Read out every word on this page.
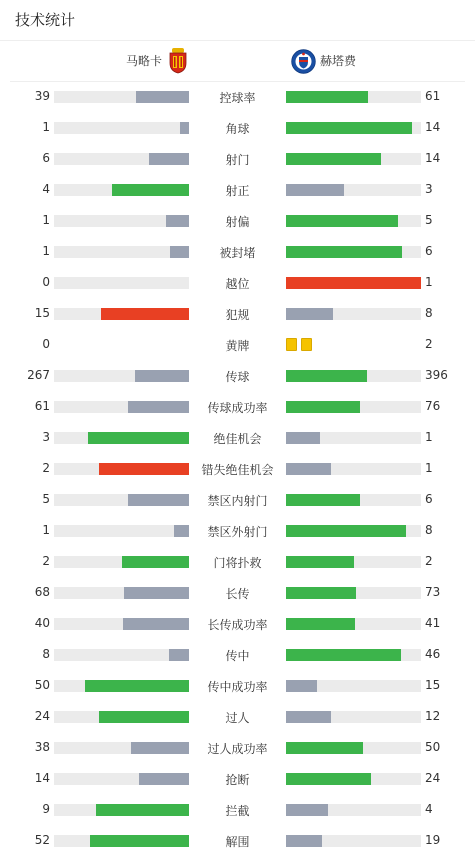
技术统计
马略卡	赫塔费
39	控球率	61
1	角球	14
6	射门	14
4	射正	3
1	射偏	5
1	被封堵	6
0	越位	1
15	犯规	8
0	黄牌	2
267	传球	396
61	传球成功率	76
3	绝佳机会	1
2	错失绝佳机会	1
5	禁区内射门	6
1	禁区外射门	8
2	门将扑救	2
68	长传	73
40	长传成功率	41
8	传中	46
50	传中成功率	15
24	过人	12
38	过人成功率	50
14	抢断	24
9	拦截	4
52	解围	19
